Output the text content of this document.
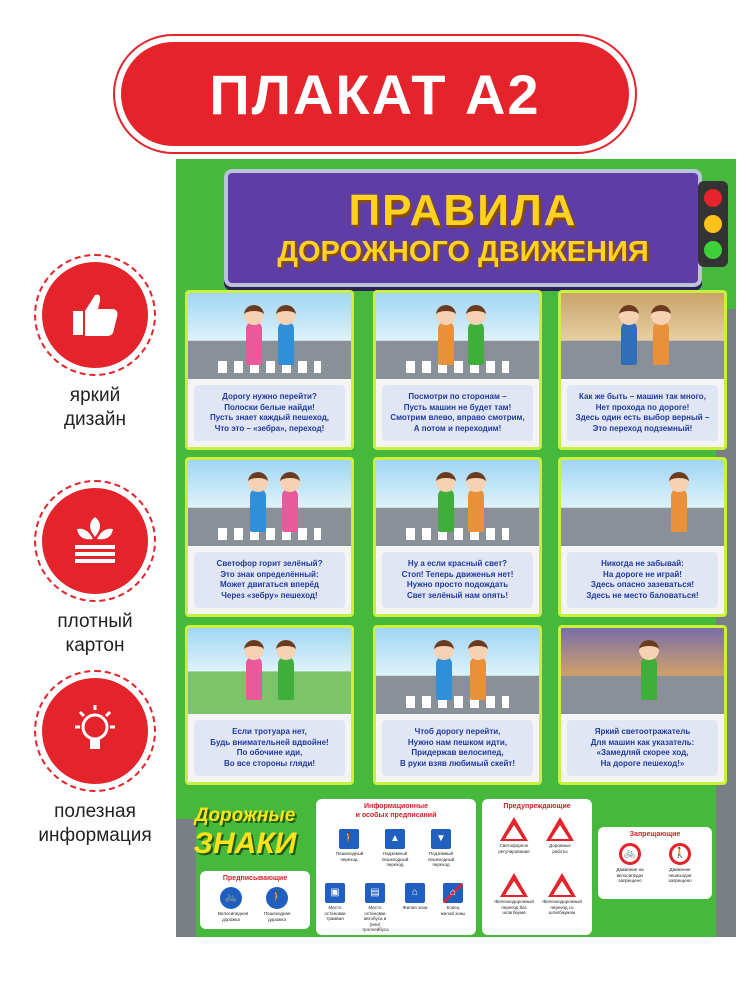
ПЛАКАТ А2
яркий
дизайн
плотный
картон
полезная
информация
ПРАВИЛА
ДОРОЖНОГО ДВИЖЕНИЯ

Дорогу нужно перейти?
Полоски белые найди!
Пусть знает каждый пешеход,
Что это – «зебра», переход!

Посмотри по сторонам –
Пусть машин не будет там!
Смотрим влево, вправо смотрим,
А потом и переходим!

Как же быть – машин так много,
Нет прохода по дороге!
Здесь один есть выбор верный –
Это переход подземный!

Светофор горит зелёный?
Это знак определённый:
Может двигаться вперёд
Через «зебру» пешеход!

Ну а если красный свет?
Стоп! Теперь движенья нет!
Нужно просто подождать
Свет зелёный нам опять!

Никогда не забывай:
На дороге не играй!
Здесь опасно зазеваться!
Здесь не место баловаться!

Если тротуара нет,
Будь внимательней вдвойне!
По обочине иди,
Во все стороны гляди!

Чтоб дорогу перейти,
Нужно нам пешком идти,
Придержав велосипед,
В руки взяв любимый скейт!

Яркий светоотражатель
Для машин как указатель:
«Замедляй скорее ход,
На дороге пешеход!»

Дорожные
ЗНАКИ
Предписывающие
🚲
Велосипедная дорожка
🚶
Пешеходная дорожка
Информационные
и особых предписаний
🚶
Пешеходный переход
▲
Надземный пешеходный переход
▼
Подземный пешеходный переход
▣
Место остановки трамвая
▤
Место остановки автобуса и (или) троллейбуса
⌂
Жилая зона
⌂
Конец жилой зоны
Предупреждающие
Светофорное регулирование
Дорожные работы
Железнодорожный переезд без шлагбаума
Железнодорожный переезд со шлагбаумом
Запрещающие
🚲
Движение на велосипедах запрещено
🚶
Движение пешеходов запрещено
